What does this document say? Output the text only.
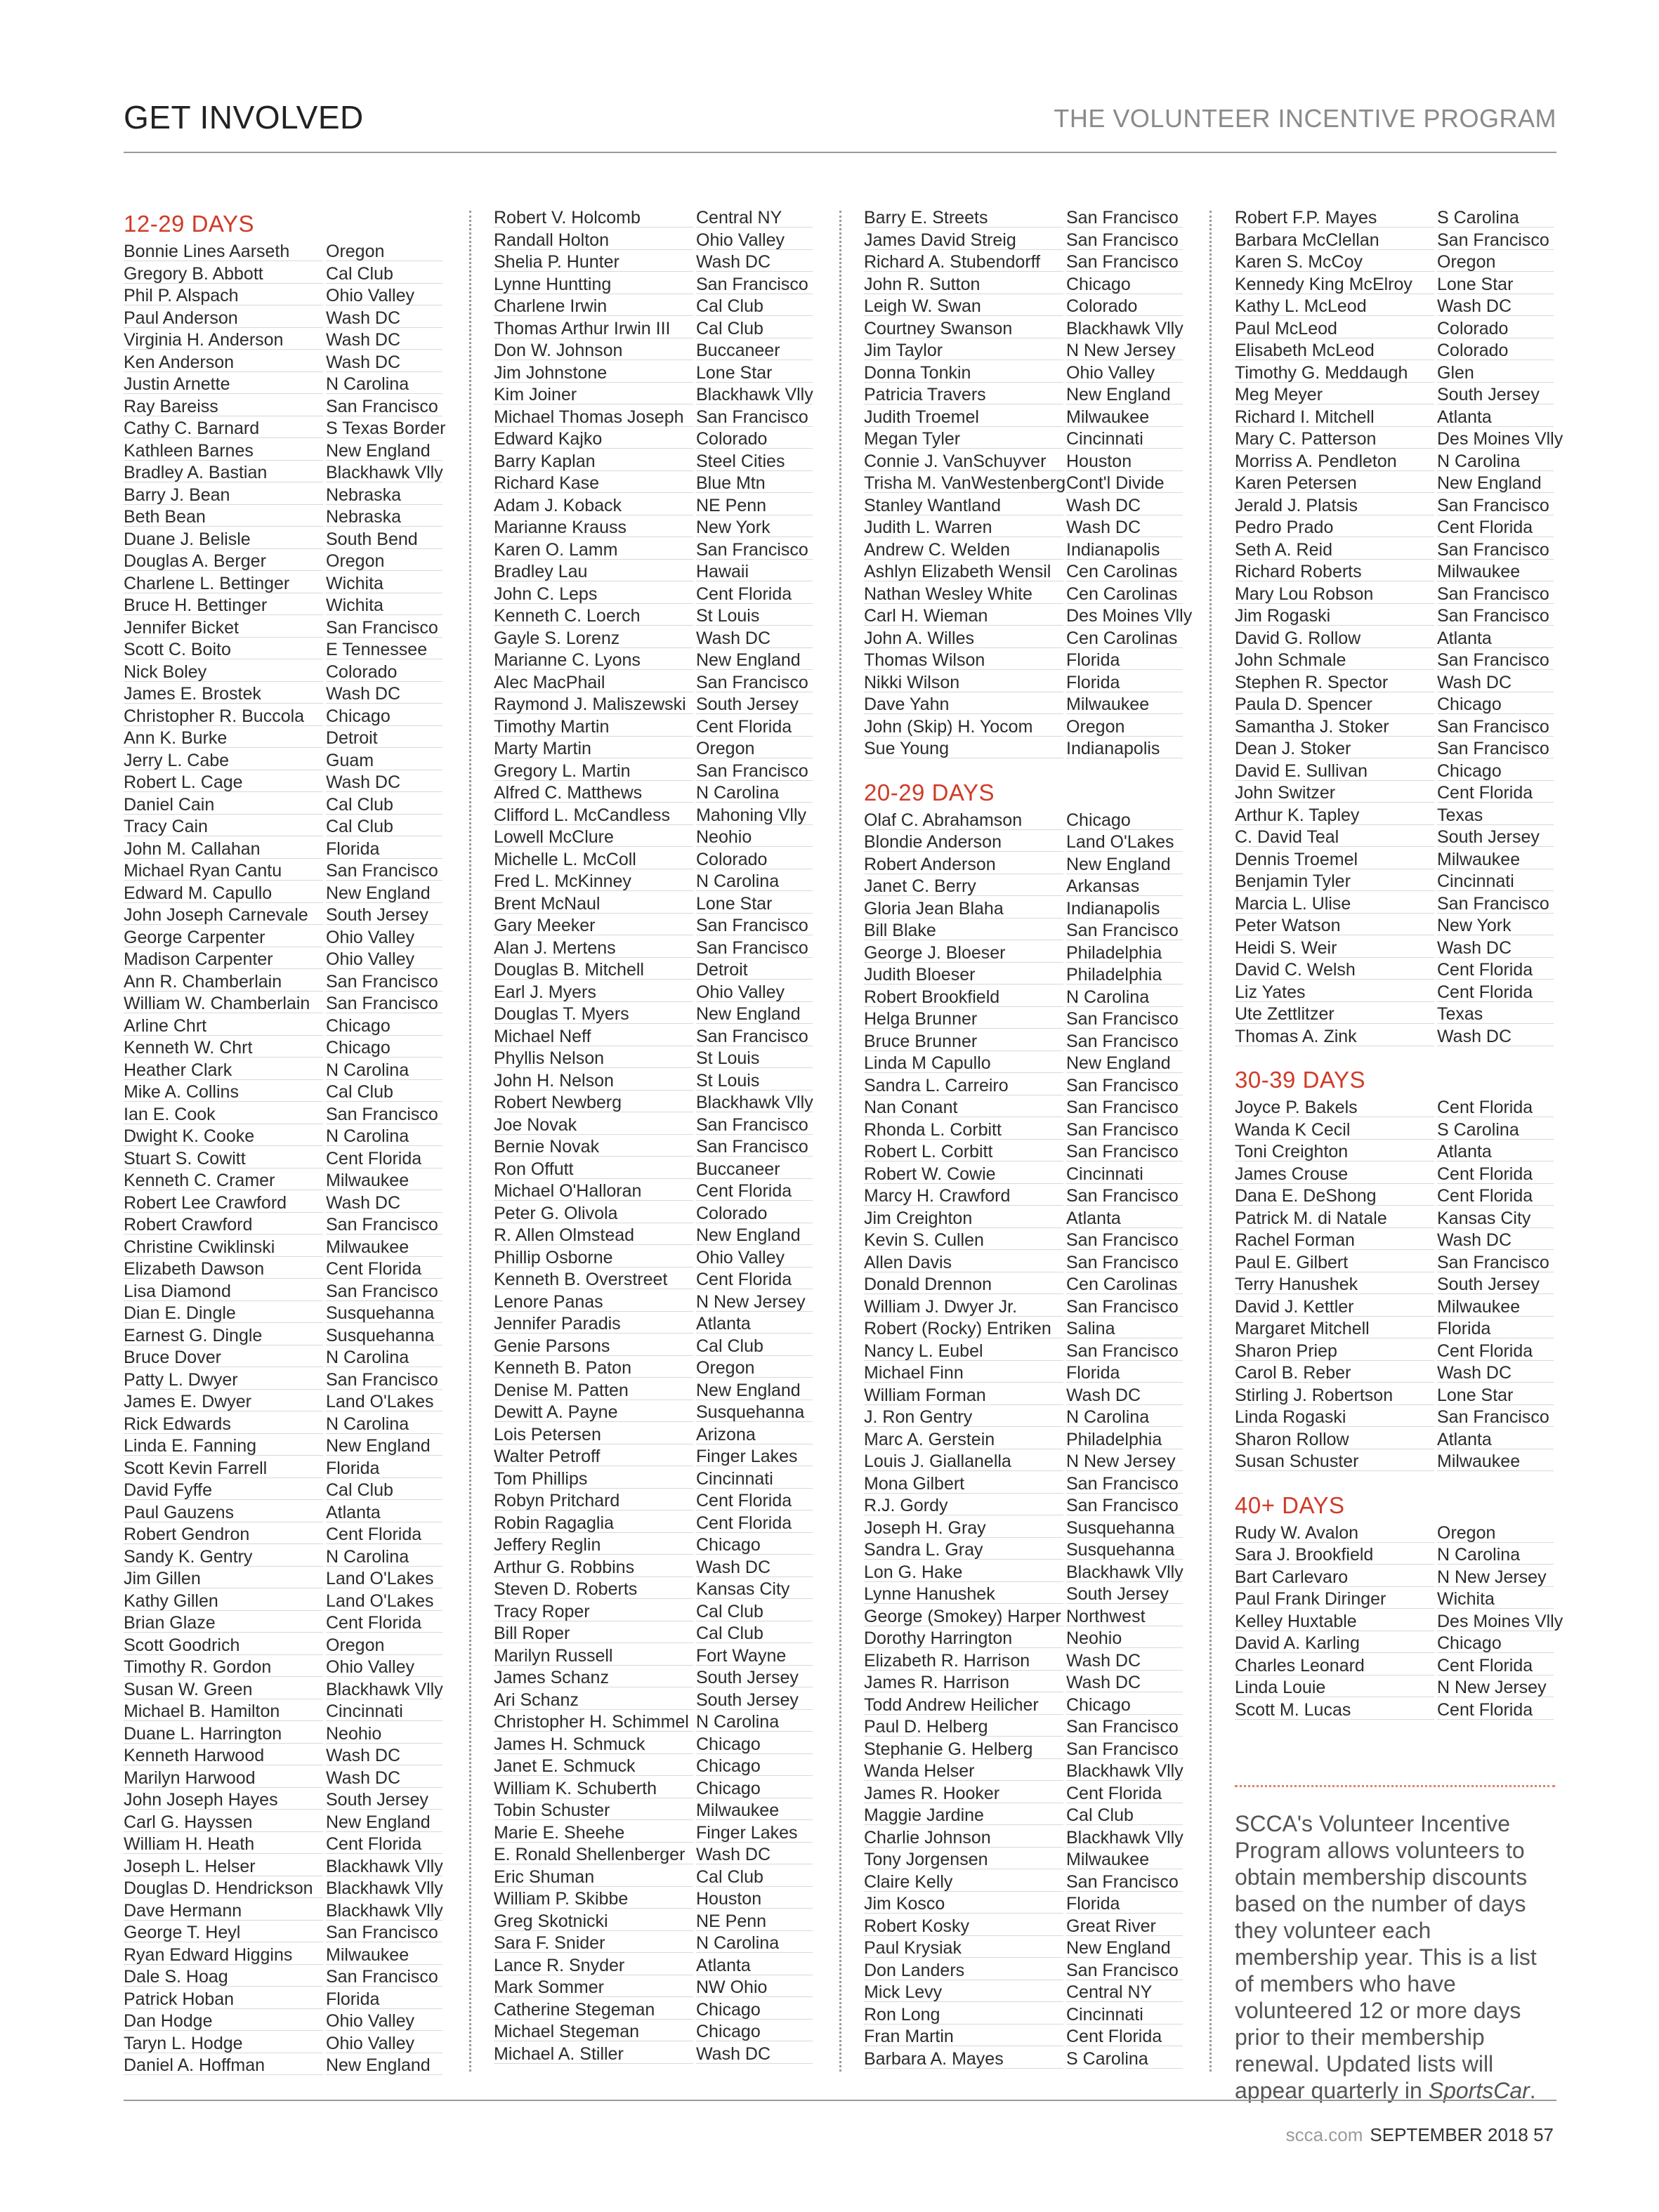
GET INVOLVED	THE VOLUNTEER INCENTIVE PROGRAM
12-29 DAYS
Bonnie Lines Aarseth	Oregon
Gregory B. Abbott	Cal Club
Phil P. Alspach	Ohio Valley
Paul Anderson	Wash DC
Virginia H. Anderson	Wash DC
Ken Anderson	Wash DC
Justin Arnette	N Carolina
Ray Bareiss	San Francisco
Cathy C. Barnard	S Texas Border
Kathleen Barnes	New England
Bradley A. Bastian	Blackhawk Vlly
Barry J. Bean	Nebraska
Beth Bean	Nebraska
Duane J. Belisle	South Bend
Douglas A. Berger	Oregon
Charlene L. Bettinger	Wichita
Bruce H. Bettinger	Wichita
Jennifer Bicket	San Francisco
Scott C. Boito	E Tennessee
Nick Boley	Colorado
James E. Brostek	Wash DC
Christopher R. Buccola	Chicago
Ann K. Burke	Detroit
Jerry L. Cabe	Guam
Robert L. Cage	Wash DC
Daniel Cain	Cal Club
Tracy Cain	Cal Club
John M. Callahan	Florida
Michael Ryan Cantu	San Francisco
Edward M. Capullo	New England
John Joseph Carnevale	South Jersey
George Carpenter	Ohio Valley
Madison Carpenter	Ohio Valley
Ann R. Chamberlain	San Francisco
William W. Chamberlain San Francisco
Arline Chrt	Chicago
Kenneth W. Chrt	Chicago
Heather Clark	N Carolina
Mike A. Collins	Cal Club
Ian E. Cook	San Francisco
Dwight K. Cooke	N Carolina
Stuart S. Cowitt	Cent Florida
Kenneth C. Cramer	Milwaukee
Robert Lee Crawford	Wash DC
Robert Crawford	San Francisco
Christine Cwiklinski	Milwaukee
Elizabeth Dawson	Cent Florida
Lisa Diamond	San Francisco
Dian E. Dingle	Susquehanna
Earnest G. Dingle	Susquehanna
Bruce Dover	N Carolina
Patty L. Dwyer	San Francisco
James E. Dwyer	Land O'Lakes
Rick Edwards	N Carolina
Linda E. Fanning	New England
Scott Kevin Farrell	Florida
David Fyffe	Cal Club
Paul Gauzens	Atlanta
Robert Gendron	Cent Florida
Sandy K. Gentry	N Carolina
Jim Gillen	Land O'Lakes
Kathy Gillen	Land O'Lakes
Brian Glaze	Cent Florida
Scott Goodrich	Oregon
Timothy R. Gordon	Ohio Valley
Susan W. Green	Blackhawk Vlly
Michael B. Hamilton	Cincinnati
Duane L. Harrington	Neohio
Kenneth Harwood	Wash DC
Marilyn Harwood	Wash DC
John Joseph Hayes	South Jersey
Carl G. Hayssen	New England
William H. Heath	Cent Florida
Joseph L. Helser	Blackhawk Vlly
Douglas D. Hendrickson Blackhawk Vlly
Dave Hermann	Blackhawk Vlly
George T. Heyl	San Francisco
Ryan Edward Higgins	Milwaukee
Dale S. Hoag	San Francisco
Patrick Hoban	Florida
Dan Hodge	Ohio Valley
Taryn L. Hodge	Ohio Valley
Daniel A. Hoffman	New England
Robert V. Holcomb	Central NY
Randall Holton	Ohio Valley
Shelia P. Hunter	Wash DC
Lynne Huntting	San Francisco
Charlene Irwin	Cal Club
Thomas Arthur Irwin III	Cal Club
Don W. Johnson	Buccaneer
Jim Johnstone	Lone Star
Kim Joiner	Blackhawk Vlly
Michael Thomas Joseph San Francisco
Edward Kajko	Colorado
Barry Kaplan	Steel Cities
Richard Kase	Blue Mtn
Adam J. Koback	NE Penn
Marianne Krauss	New York
Karen O. Lamm	San Francisco
Bradley Lau	Hawaii
John C. Leps	Cent Florida
Kenneth C. Loerch	St Louis
Gayle S. Lorenz	Wash DC
Marianne C. Lyons	New England
Alec MacPhail	San Francisco
Raymond J. Maliszewski South Jersey
Timothy Martin	Cent Florida
Marty Martin	Oregon
Gregory L. Martin	San Francisco
Alfred C. Matthews	N Carolina
Clifford L. McCandless	Mahoning Vlly
Lowell McClure	Neohio
Michelle L. McColl	Colorado
Fred L. McKinney	N Carolina
Brent McNaul	Lone Star
Gary Meeker	San Francisco
Alan J. Mertens	San Francisco
Douglas B. Mitchell	Detroit
Earl J. Myers	Ohio Valley
Douglas T. Myers	New England
Michael Neff	San Francisco
Phyllis Nelson	St Louis
John H. Nelson	St Louis
Robert Newberg	Blackhawk Vlly
Joe Novak	San Francisco
Bernie Novak	San Francisco
Ron Offutt	Buccaneer
Michael O'Halloran	Cent Florida
Peter G. Olivola	Colorado
R. Allen Olmstead	New England
Phillip Osborne	Ohio Valley
Kenneth B. Overstreet	Cent Florida
Lenore Panas	N New Jersey
Jennifer Paradis	Atlanta
Genie Parsons	Cal Club
Kenneth B. Paton	Oregon
Denise M. Patten	New England
Dewitt A. Payne	Susquehanna
Lois Petersen	Arizona
Walter Petroff	Finger Lakes
Tom Phillips	Cincinnati
Robyn Pritchard	Cent Florida
Robin Ragaglia	Cent Florida
Jeffery Reglin	Chicago
Arthur G. Robbins	Wash DC
Steven D. Roberts	Kansas City
Tracy Roper	Cal Club
Bill Roper	Cal Club
Marilyn Russell	Fort Wayne
James Schanz	South Jersey
Ari Schanz	South Jersey
Christopher H. Schimmel N Carolina
James H. Schmuck	Chicago
Janet E. Schmuck	Chicago
William K. Schuberth	Chicago
Tobin Schuster	Milwaukee
Marie E. Sheehe	Finger Lakes
E. Ronald Shellenberger Wash DC
Eric Shuman	Cal Club
William P. Skibbe	Houston
Greg Skotnicki	NE Penn
Sara F. Snider	N Carolina
Lance R. Snyder	Atlanta
Mark Sommer	NW Ohio
Catherine Stegeman	Chicago
Michael Stegeman	Chicago
Michael A. Stiller	Wash DC
Barry E. Streets	San Francisco
James David Streig	San Francisco
Richard A. Stubendorff	San Francisco
John R. Sutton	Chicago
Leigh W. Swan	Colorado
Courtney Swanson	Blackhawk Vlly
Jim Taylor	N New Jersey
Donna Tonkin	Ohio Valley
Patricia Travers	New England
Judith Troemel	Milwaukee
Megan Tyler	Cincinnati
Connie J. VanSchuyver	Houston
Trisha M. VanWestenberg Cont'l Divide
Stanley Wantland	Wash DC
Judith L. Warren	Wash DC
Andrew C. Welden	Indianapolis
Ashlyn Elizabeth Wensil Cen Carolinas
Nathan Wesley White	Cen Carolinas
Carl H. Wieman	Des Moines Vlly
John A. Willes	Cen Carolinas
Thomas Wilson	Florida
Nikki Wilson	Florida
Dave Yahn	Milwaukee
John (Skip) H. Yocom	Oregon
Sue Young	Indianapolis
20-29 DAYS
Olaf C. Abrahamson	Chicago
Blondie Anderson	Land O'Lakes
Robert Anderson	New England
Janet C. Berry	Arkansas
Gloria Jean Blaha	Indianapolis
Bill Blake	San Francisco
George J. Bloeser	Philadelphia
Judith Bloeser	Philadelphia
Robert Brookfield	N Carolina
Helga Brunner	San Francisco
Bruce Brunner	San Francisco
Linda M Capullo	New England
Sandra L. Carreiro	San Francisco
Nan Conant	San Francisco
Rhonda L. Corbitt	San Francisco
Robert L. Corbitt	San Francisco
Robert W. Cowie	Cincinnati
Marcy H. Crawford	San Francisco
Jim Creighton	Atlanta
Kevin S. Cullen	San Francisco
Allen Davis	San Francisco
Donald Drennon	Cen Carolinas
William J. Dwyer Jr.	San Francisco
Robert (Rocky) Entriken Salina
Nancy L. Eubel	San Francisco
Michael Finn	Florida
William Forman	Wash DC
J. Ron Gentry	N Carolina
Marc A. Gerstein	Philadelphia
Louis J. Giallanella	N New Jersey
Mona Gilbert	San Francisco
R.J. Gordy	San Francisco
Joseph H. Gray	Susquehanna
Sandra L. Gray	Susquehanna
Lon G. Hake	Blackhawk Vlly
Lynne Hanushek	South Jersey
George (Smokey) Harper Northwest
Dorothy Harrington	Neohio
Elizabeth R. Harrison	Wash DC
James R. Harrison	Wash DC
Todd Andrew Heilicher	Chicago
Paul D. Helberg	San Francisco
Stephanie G. Helberg	San Francisco
Wanda Helser	Blackhawk Vlly
James R. Hooker	Cent Florida
Maggie Jardine	Cal Club
Charlie Johnson	Blackhawk Vlly
Tony Jorgensen	Milwaukee
Claire Kelly	San Francisco
Jim Kosco	Florida
Robert Kosky	Great River
Paul Krysiak	New England
Don Landers	San Francisco
Mick Levy	Central NY
Ron Long	Cincinnati
Fran Martin	Cent Florida
Barbara A. Mayes	S Carolina
Robert F.P. Mayes	S Carolina
Barbara McClellan	San Francisco
Karen S. McCoy	Oregon
Kennedy King McElroy	Lone Star
Kathy L. McLeod	Wash DC
Paul McLeod	Colorado
Elisabeth McLeod	Colorado
Timothy G. Meddaugh	Glen
Meg Meyer	South Jersey
Richard I. Mitchell	Atlanta
Mary C. Patterson	Des Moines Vlly
Morriss A. Pendleton	N Carolina
Karen Petersen	New England
Jerald J. Platsis	San Francisco
Pedro Prado	Cent Florida
Seth A. Reid	San Francisco
Richard Roberts	Milwaukee
Mary Lou Robson	San Francisco
Jim Rogaski	San Francisco
David G. Rollow	Atlanta
John Schmale	San Francisco
Stephen R. Spector	Wash DC
Paula D. Spencer	Chicago
Samantha J. Stoker	San Francisco
Dean J. Stoker	San Francisco
David E. Sullivan	Chicago
John Switzer	Cent Florida
Arthur K. Tapley	Texas
C. David Teal	South Jersey
Dennis Troemel	Milwaukee
Benjamin Tyler	Cincinnati
Marcia L. Ulise	San Francisco
Peter Watson	New York
Heidi S. Weir	Wash DC
David C. Welsh	Cent Florida
Liz Yates	Cent Florida
Ute Zettlitzer	Texas
Thomas A. Zink	Wash DC
30-39 DAYS
Joyce P. Bakels	Cent Florida
Wanda K Cecil	S Carolina
Toni Creighton	Atlanta
James Crouse	Cent Florida
Dana E. DeShong	Cent Florida
Patrick M. di Natale	Kansas City
Rachel Forman	Wash DC
Paul E. Gilbert	San Francisco
Terry Hanushek	South Jersey
David J. Kettler	Milwaukee
Margaret Mitchell	Florida
Sharon Priep	Cent Florida
Carol B. Reber	Wash DC
Stirling J. Robertson	Lone Star
Linda Rogaski	San Francisco
Sharon Rollow	Atlanta
Susan Schuster	Milwaukee
40+ DAYS
Rudy W. Avalon	Oregon
Sara J. Brookfield	N Carolina
Bart Carlevaro	N New Jersey
Paul Frank Diringer	Wichita
Kelley Huxtable	Des Moines Vlly
David A. Karling	Chicago
Charles Leonard	Cent Florida
Linda Louie	N New Jersey
Scott M. Lucas	Cent Florida
SCCA's Volunteer Incentive Program allows volunteers to obtain membership discounts based on the number of days they volunteer each membership year. This is a list of members who have volunteered 12 or more days prior to their membership renewal. Updated lists will appear quarterly in SportsCar.
scca.com SEPTEMBER 2018 57
